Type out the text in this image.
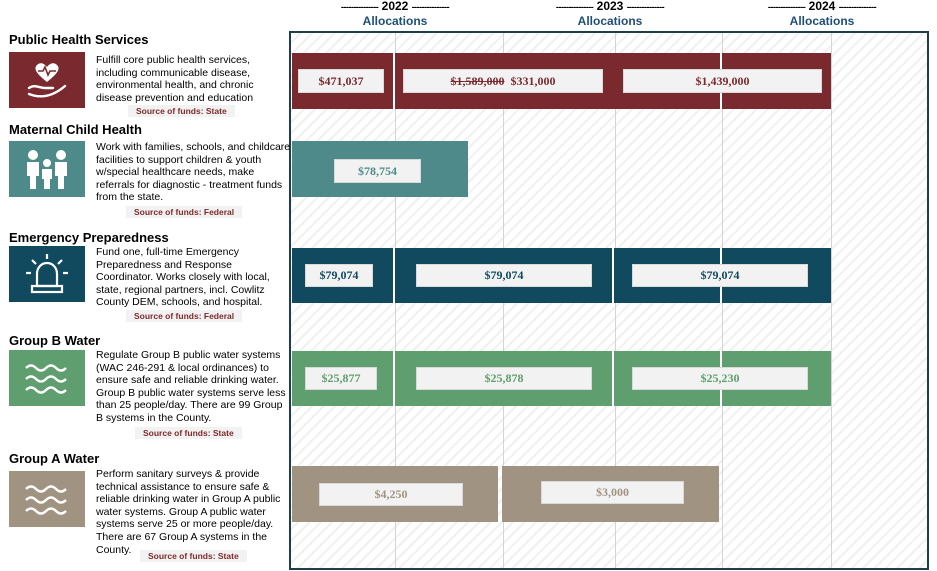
--------------- 2022 ---------------
Allocations
--------------- 2023 ---------------
Allocations
--------------- 2024 ---------------
Allocations
Public Health Services
Fulfill core public health services, including communicable disease, environmental health, and chronic disease prevention and education
Source of funds: State
Maternal Child Health
Work with families, schools, and childcare facilities to support children & youth w/special healthcare needs, make referrals for diagnostic - treatment funds from the state.
Source of funds: Federal
Emergency Preparedness
Fund one, full-time Emergency Preparedness and Response Coordinator. Works closely with local, state, regional partners, incl. Cowlitz County DEM, schools, and hospital.
Source of funds: Federal
Group B Water
Regulate Group B public water systems (WAC 246-291 & local ordinances) to ensure safe and reliable drinking water. Group B public water systems serve less than 25 people/day. There are 99 Group B systems in the County.
Source of funds: State
Group A Water
Perform sanitary surveys & provide technical assistance to ensure safe & reliable drinking water in Group A public water systems. Group A public water systems serve 25 or more people/day. There are 67 Group A systems in the County.
Source of funds: State
$471,037	$1,589,000 $331,000	$1,439,000
$78,754
$79,074	$79,074	$79,074
$25,877	$25,878	$25,230
$4,250	$3,000
